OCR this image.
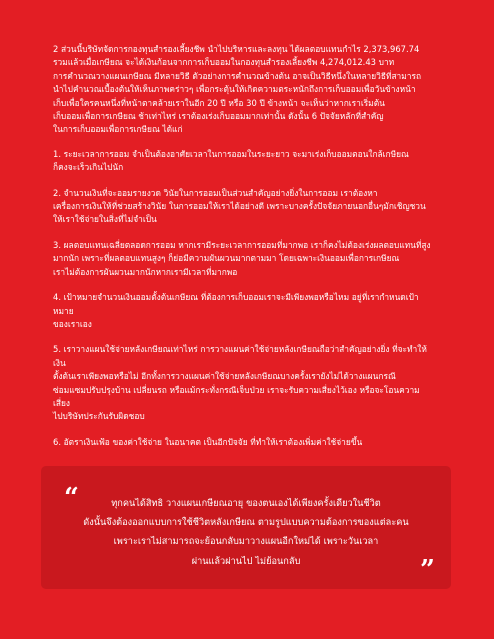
2 ส่วนนี้บริษัทจัดการกองทุนสำรองเลี้ยงชีพ นำไปบริหารและลงทุน ได้ผลตอบแทนกำไร 2,373,967.74
รวมแล้วเมื่อเกษียณ จะได้เงินก้อนจากการเก็บออมในกองทุนสำรองเลี้ยงชีพ 4,274,012.43 บาท
การคำนวณวางแผนเกษียณ มีหลายวิธี ตัวอย่างการคำนวณข้างต้น อาจเป็นวิธีหนึ่งในหลายวิธีที่สามารถ
นำไปคำนวณเบื้องต้นให้เห็นภาพคร่าวๆ เพื่อกระตุ้นให้เกิดความตระหนักถึงการเก็บออมเพื่อวันข้างหน้า
เก็บเพื่อใครคนหนึ่งที่หน้าตาคล้ายเราในอีก 20 ปี หรือ 30 ปี ข้างหน้า จะเห็นว่าหากเราเริ่มต้น
เก็บออมเพื่อการเกษียณ ช้าเท่าไหร่ เราต้องเร่งเก็บออมมากเท่านั้น ดังนั้น 6 ปัจจัยหลักที่สำคัญ
ในการเก็บออมเพื่อการเกษียณ ได้แก่
1. ระยะเวลาการออม จำเป็นต้องอาศัยเวลาในการออมในระยะยาว จะมาเร่งเก็บออมตอนใกล้เกษียณ
ก็คงจะเร็วเกินไปนัก
2. จำนวนเงินที่จะออมรายงวด วินัยในการออมเป็นส่วนสำคัญอย่างยิ่งในการออม เราต้องหา
เครื่องการเงินให้ที่ช่วยสร้างวินัย ในการออมให้เราได้อย่างดี เพราะบางครั้งปัจจัยภายนอกอื่นๆมักเชิญชวน
ให้เราใช้จ่ายในสิ่งที่ไม่จำเป็น
3. ผลตอบแทนเฉลี่ยตลอดการออม หากเรามีระยะเวลาการออมที่มากพอ เราก็คงไม่ต้องเร่งผลตอบแทนที่สูง
มากนัก เพราะที่ผลตอบแทนสูงๆ ก็ย่อมีความผันผวนมากตามมา โดยเฉพาะเงินออมเพื่อการเกษียณ
เราไม่ต้องการผันผวนมากนักหากเรามีเวลาที่มากพอ
4. เป้าหมายจำนวนเงินออมตั้งต้นเกษียณ ที่ต้องการเก็บออมเราจะมีเพียงพอหรือไหม อยู่ที่เรากำหนดเป้าหมาย
ของเราเอง
5. เราวางแผนใช้จ่ายหลังเกษียณเท่าไหร่ การวางแผนค่าใช้จ่ายหลังเกษียณถือว่าสำคัญอย่างยิ่ง ที่จะทำให้เงิน
ตั้งต้นเราเพียงพอหรือไม่ อีกทั้งการวางแผนค่าใช้จ่ายหลังเกษียณบางครั้งเรายังไม่ได้วางแผนกรณี
ซ่อมแซมปรับปรุงบ้าน เปลี่ยนรถ หรือแม้กระทั่งกรณีเจ็บป่วย เราจะรับความเสี่ยงไว้เอง หรือจะโอนความเสี่ยง
ไปบริษัทประกันรับผิดชอบ
6. อัตราเงินเฟ้อ ของค่าใช้จ่าย ในอนาคต เป็นอีกปัจจัย ที่ทำให้เราต้องเพิ่มค่าใช้จ่ายขึ้น
“	ทุกคนได้สิทธิ วางแผนเกษียณอายุ ของตนเองได้เพียงครั้งเดียวในชีวิต
ดังนั้นจึงต้องออกแบบการใช้ชีวิตหลังเกษียณ ตามรูปแบบความต้องการของแต่ละคน
เพราะเราไม่สามารถจะย้อนกลับมาวางแผนอีกใหม่ได้ เพราะวันเวลา
ผ่านแล้วผ่านไป ไม่ย้อนกลับ	”
